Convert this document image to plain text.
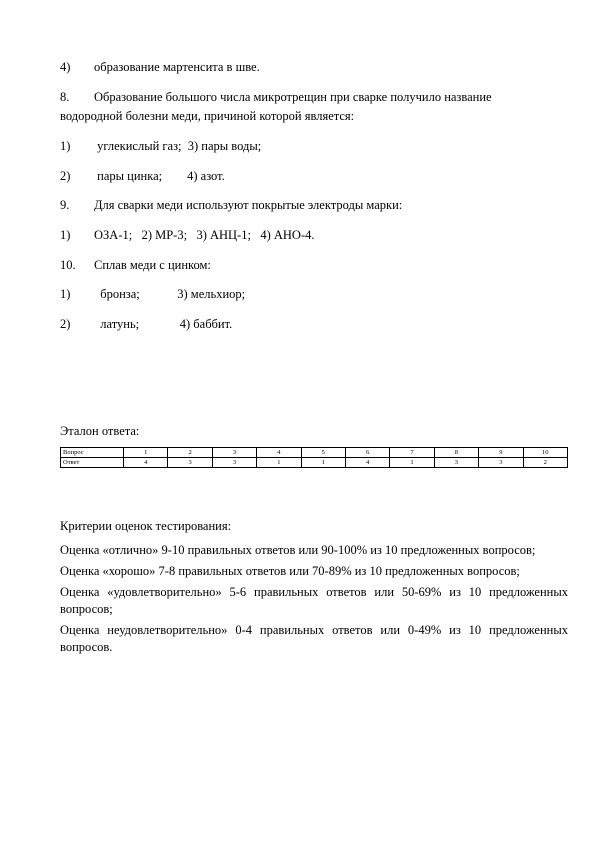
4) образование мартенсита в шве.
8. Образование большого числа микротрещин при сварке получило название
водородной болезни меди, причиной которой является:
1) углекислый газ;  3) пары воды;
2) пары цинка;        4) азот.
9. Для сварки меди используют покрытые электроды марки:
1) ОЗА-1;   2) МР-3;   3) АНЦ-1;   4) АНО-4.
10. Сплав меди с цинком:
1)  бронза;            3) мельхиор;
2)  латунь;             4) баббит.
Эталон ответа:
Вопрос	1	2	3	4	5	6	7	8	9	10
Ответ	4	3	3	1	1	4	1	3	3	2
Критерии оценок тестирования:

Оценка «отлично» 9-10 правильных ответов или 90-100% из 10 предложенных вопросов;

Оценка «хорошо» 7-8 правильных ответов или 70-89% из 10 предложенных вопросов;

Оценка «удовлетворительно» 5-6 правильных ответов или 50-69% из 10 предложенных вопросов;

Оценка неудовлетворительно» 0-4 правильных ответов или 0-49% из 10 предложенных вопросов.
